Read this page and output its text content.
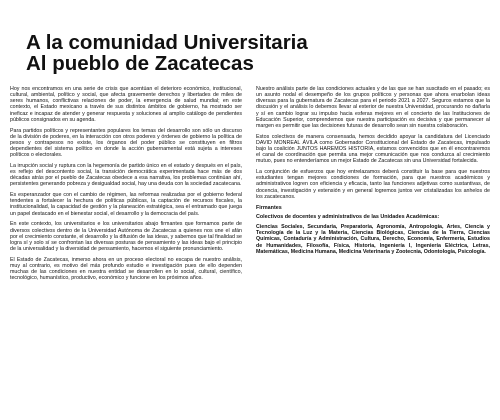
A la comunidad Universitaria
Al pueblo de Zacatecas

Hoy nos encontramos en una serie de crisis que acentúan el deterioro económico, institucional, cultural, ambiental, político y social, que afecta gravemente derechos y libertades de miles de seres humanos, conflictivas relaciones de poder, la emergencia de salud mundial; en este contexto, el Estado mexicano a través de sus distintos ámbitos de gobierno, ha mostrado ser ineficaz e incapaz de atender y generar respuesta y soluciones al amplio catálogo de pendientes públicos consignados en su agenda.

Para partidos políticos y representantes populares los temas del desarrollo son sólo un discurso de la división de poderes, en la interacción con otros poderes y órdenes de gobierno la política de pesos y contrapesos no existe, los órganos del poder público se constituyen en filtros dependientes del sistema político en donde la acción gubernamental está sujeta a intereses políticos o electorales.

La irrupción social y ruptura con la hegemonía de partido único en el estado y después en el país, es reflejo del descontento social, la transición democrática experimentada hace más de dos décadas atrás por el pueblo de Zacatecas obedece a esa narrativa, los problemas continúan ahí, persistentes generando pobreza y desigualdad social, hay una deuda con la sociedad zacatecana.

Es esperanzador que con el cambio de régimen, las reformas realizadas por el gobierno federal tendentes a fortalecer la hechura de políticas públicas, la captación de recursos fiscales, la institucionalidad, la capacidad de gestión y la planeación estratégica, sea el entramado que juega un papel destacado en el bienestar social, el desarrollo y la democracia del país.

En este contexto, los universitarios e los universitarios abajo firmantes que formamos parte de diversos colectivos dentro de la Universidad Autónoma de Zacatecas a quienes nos une el afán por el crecimiento constante, el desarrollo y la difusión de las ideas, y sabemos que tal finalidad se logra sí y solo sí se confrontan las diversas posturas de pensamiento y las ideas bajo el principio de la universalidad y la diversidad de pensamiento, hacemos el siguiente pronunciamiento.

El Estado de Zacatecas, inmerso ahora en un proceso electoral no escapa de nuestro análisis, muy al contrario, es motivo del más profundo estudio e investigación pues de ello dependen muchas de las condiciones en nuestra entidad se desarrollen en lo social, cultural, científico, tecnológico, humanístico, productivo, económico y funcione en los próximos años.

Nuestro análisis parte de las condiciones actuales y de las que se han suscitado en el pasado; es un asunto nodal el desempeño de los grupos políticos y personas que ahora enarbolan ideas diversas para la gubernatura de Zacatecas para el periodo 2021 a 2027. Seguros estamos que la discusión y el análisis lo debemos llevar al exterior de nuestra Universidad, procurando no dañarla y sí en cambio lograr su impulso hacia esferas mejores en el concierto de las Instituciones de Educación Superior, comprendemos que nuestra participación es decisiva y que permanecer al margen es permitir que las decisiones futuras de desarrollo sean sin nuestra colaboración.

Estos colectivos de manera consensada, hemos decidido apoyar la candidatura del Licenciado DAVID MONREAL ÁVILA como Gobernador Constitucional del Estado de Zacatecas, impulsado bajo la coalición JUNTOS HAREMOS HISTORIA, estamos convencidos que en él encontraremos el canal de coordinación que permita una mejor comunicación que nos conduzca al crecimiento mutuo, pues no entenderíamos un mejor Estado de Zacatecas sin una Universidad fortalecida.

La conjunción de esfuerzos que hoy entrelazamos deberá constituir la base para que nuestros estudiantes tengan mejores condiciones de formación, para que nuestros académicos y administrativos logren con eficiencia y eficacia, tanto las funciones adjetivas como sustantivas, de docencia, investigación y extensión y en general logremos juntos ver cristalizadas los anhelos de los zacatecanos.

Firmantes
Colectivos de docentes y administrativos de las Unidades Académicas:
Ciencias Sociales, Secundaria, Preparatoria, Agronomía, Antropología, Artes, Ciencia y Tecnología de la Luz y la Materia, Ciencias Biológicas, Ciencias de la Tierra, Ciencias Químicas, Contaduría y Administración, Cultura, Derecho, Economía, Enfermería, Estudios de Humanidades, Filosofía, Física, Historia, Ingeniería I, Ingeniería Eléctrica, Letras, Matemáticas, Medicina Humana, Medicina Veterinaria y Zootecnia, Odontología, Psicología.
